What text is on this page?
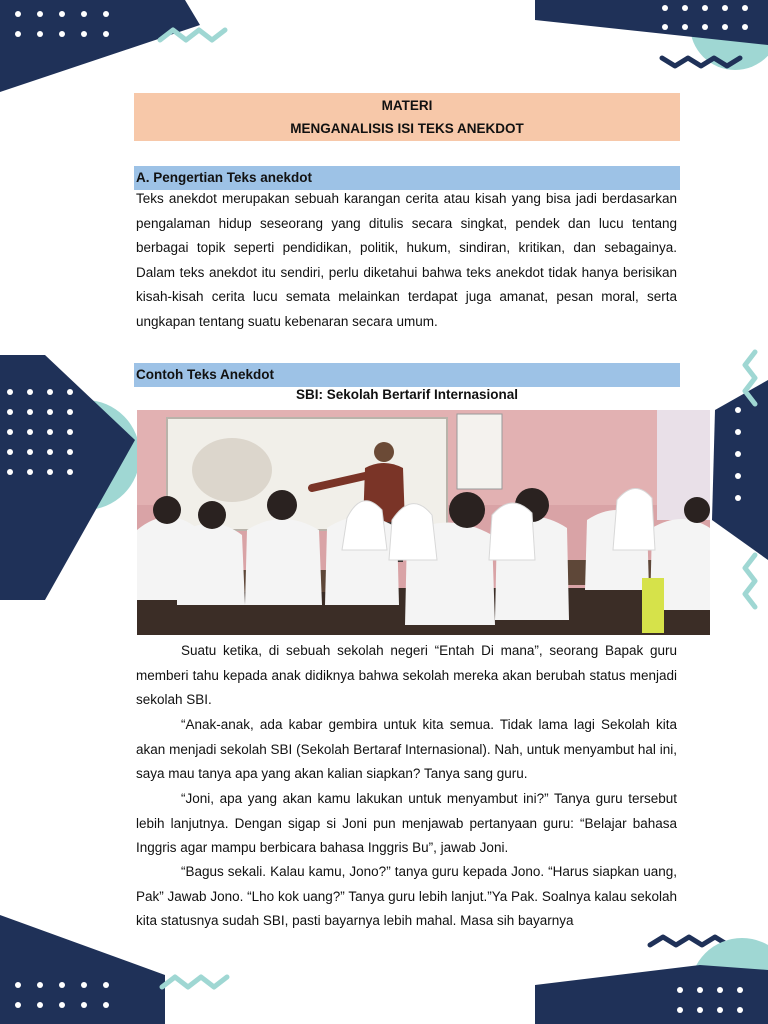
MATERI
MENGANALISIS ISI TEKS ANEKDOT
A. Pengertian Teks anekdot

Teks anekdot merupakan sebuah karangan cerita atau kisah yang bisa jadi berdasarkan pengalaman hidup seseorang yang ditulis secara singkat, pendek dan lucu tentang berbagai topik seperti pendidikan, politik, hukum, sindiran, kritikan, dan sebagainya. Dalam teks anekdot itu sendiri, perlu diketahui bahwa teks anekdot tidak hanya berisikan kisah-kisah cerita lucu semata melainkan terdapat juga amanat, pesan moral, serta ungkapan tentang suatu kebenaran secara umum.

Contoh Teks Anekdot
SBI: Sekolah Bertarif Internasional

Suatu ketika, di sebuah sekolah negeri “Entah Di mana”, seorang Bapak guru memberi tahu kepada anak didiknya bahwa sekolah mereka akan berubah status menjadi sekolah SBI.

“Anak-anak, ada kabar gembira untuk kita semua. Tidak lama lagi Sekolah kita akan menjadi sekolah SBI (Sekolah Bertaraf Internasional). Nah, untuk menyambut hal ini, saya mau tanya apa yang akan kalian siapkan? Tanya sang guru.

“Joni, apa yang akan kamu lakukan untuk menyambut ini?” Tanya guru tersebut lebih lanjutnya. Dengan sigap si Joni pun menjawab pertanyaan guru: “Belajar bahasa Inggris agar mampu berbicara bahasa Inggris Bu”, jawab Joni.

“Bagus sekali. Kalau kamu, Jono?” tanya guru kepada Jono. “Harus siapkan uang, Pak” Jawab Jono. “Lho kok uang?” Tanya guru lebih lanjut.”Ya Pak. Soalnya kalau sekolah kita statusnya sudah SBI, pasti bayarnya lebih mahal. Masa sih bayarnya
